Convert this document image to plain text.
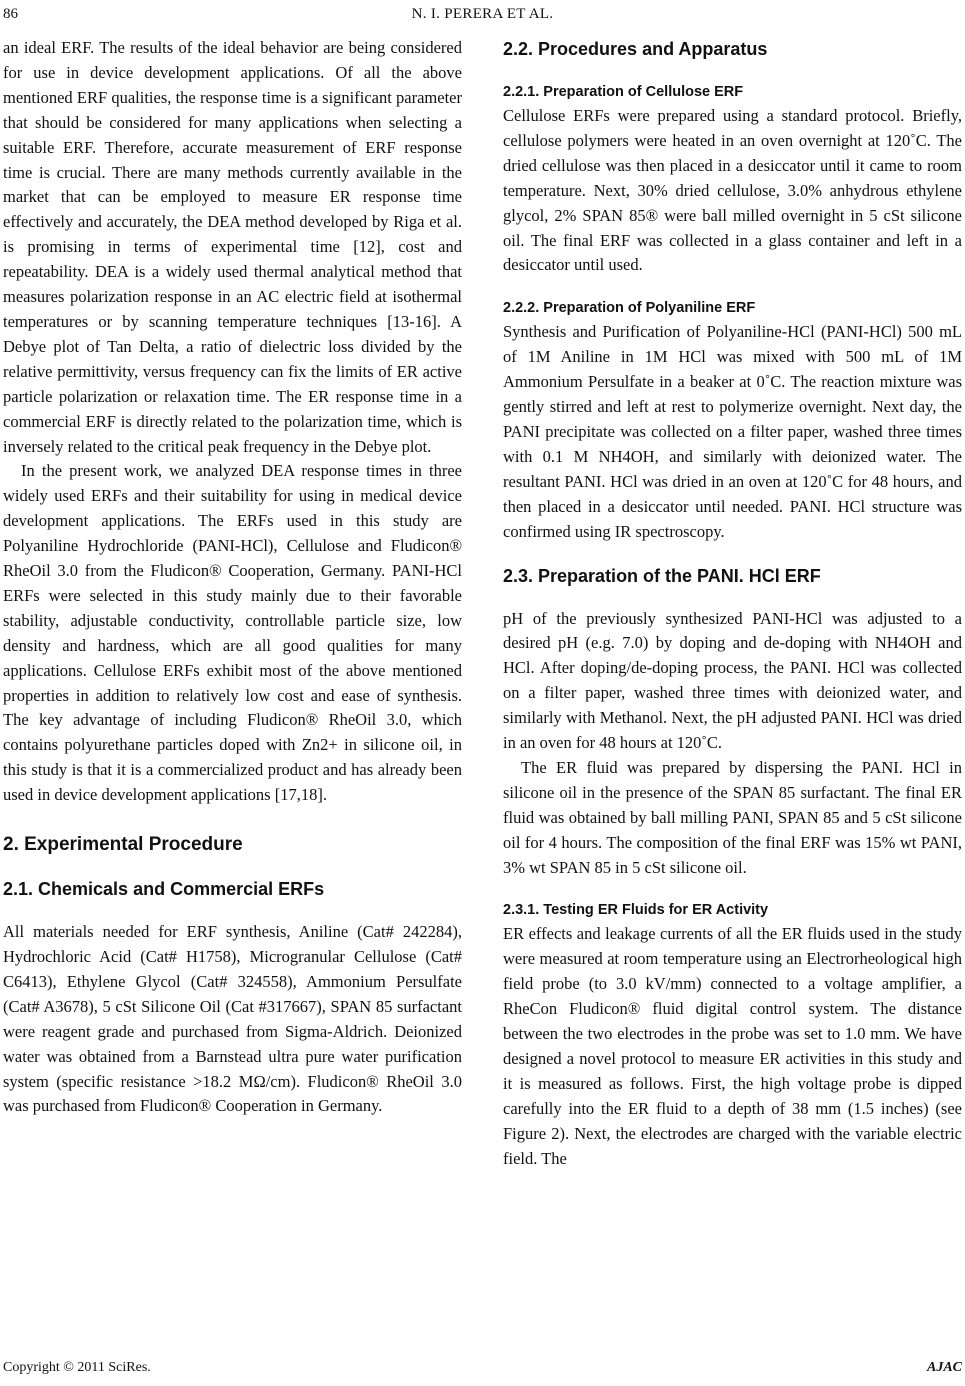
86	N. I. PERERA ET AL.

an ideal ERF. The results of the ideal behavior are being considered for use in device development applications. Of all the above mentioned ERF qualities, the response time is a significant parameter that should be considered for many applications when selecting a suitable ERF. Therefore, accurate measurement of ERF response time is crucial. There are many methods currently available in the market that can be employed to measure ER response time effectively and accurately, the DEA method developed by Riga et al. is promising in terms of experimental time [12], cost and repeatability. DEA is a widely used thermal analytical method that measures polarization response in an AC electric field at isothermal temperatures or by scanning temperature techniques [13-16]. A Debye plot of Tan Delta, a ratio of dielectric loss divided by the relative permittivity, versus frequency can fix the limits of ER active particle polarization or relaxation time. The ER response time in a commercial ERF is directly related to the polarization time, which is inversely related to the critical peak frequency in the Debye plot.

In the present work, we analyzed DEA response times in three widely used ERFs and their suitability for using in medical device development applications. The ERFs used in this study are Polyaniline Hydrochloride (PANI-HCl), Cellulose and Fludicon® RheOil 3.0 from the Fludicon® Cooperation, Germany. PANI-HCl ERFs were selected in this study mainly due to their favorable stability, adjustable conductivity, controllable particle size, low density and hardness, which are all good qualities for many applications. Cellulose ERFs exhibit most of the above mentioned properties in addition to relatively low cost and ease of synthesis. The key advantage of including Fludicon® RheOil 3.0, which contains polyurethane particles doped with Zn2+ in silicone oil, in this study is that it is a commercialized product and has already been used in device development applications [17,18].

2. Experimental Procedure
2.1. Chemicals and Commercial ERFs

All materials needed for ERF synthesis, Aniline (Cat# 242284), Hydrochloric Acid (Cat# H1758), Microgranular Cellulose (Cat# C6413), Ethylene Glycol (Cat# 324558), Ammonium Persulfate (Cat# A3678), 5 cSt Silicone Oil (Cat #317667), SPAN 85 surfactant were reagent grade and purchased from Sigma-Aldrich. Deionized water was obtained from a Barnstead ultra pure water purification system (specific resistance >18.2 MΩ/cm). Fludicon® RheOil 3.0 was purchased from Fludicon® Cooperation in Germany.

2.2. Procedures and Apparatus
2.2.1. Preparation of Cellulose ERF

Cellulose ERFs were prepared using a standard protocol. Briefly, cellulose polymers were heated in an oven overnight at 120˚C. The dried cellulose was then placed in a desiccator until it came to room temperature. Next, 30% dried cellulose, 3.0% anhydrous ethylene glycol, 2% SPAN 85® were ball milled overnight in 5 cSt silicone oil. The final ERF was collected in a glass container and left in a desiccator until used.

2.2.2. Preparation of Polyaniline ERF

Synthesis and Purification of Polyaniline-HCl (PANI-HCl) 500 mL of 1M Aniline in 1M HCl was mixed with 500 mL of 1M Ammonium Persulfate in a beaker at 0˚C. The reaction mixture was gently stirred and left at rest to polymerize overnight. Next day, the PANI precipitate was collected on a filter paper, washed three times with 0.1 M NH4OH, and similarly with deionized water. The resultant PANI. HCl was dried in an oven at 120˚C for 48 hours, and then placed in a desiccator until needed. PANI. HCl structure was confirmed using IR spectroscopy.

2.3. Preparation of the PANI. HCl ERF

pH of the previously synthesized PANI-HCl was adjusted to a desired pH (e.g. 7.0) by doping and de-doping with NH4OH and HCl. After doping/de-doping process, the PANI. HCl was collected on a filter paper, washed three times with deionized water, and similarly with Methanol. Next, the pH adjusted PANI. HCl was dried in an oven for 48 hours at 120˚C.

The ER fluid was prepared by dispersing the PANI. HCl in silicone oil in the presence of the SPAN 85 surfactant. The final ER fluid was obtained by ball milling PANI, SPAN 85 and 5 cSt silicone oil for 4 hours. The composition of the final ERF was 15% wt PANI, 3% wt SPAN 85 in 5 cSt silicone oil.

2.3.1. Testing ER Fluids for ER Activity

ER effects and leakage currents of all the ER fluids used in the study were measured at room temperature using an Electrorheological high field probe (to 3.0 kV/mm) connected to a voltage amplifier, a RheCon Fludicon® fluid digital control system. The distance between the two electrodes in the probe was set to 1.0 mm. We have designed a novel protocol to measure ER activities in this study and it is measured as follows. First, the high voltage probe is dipped carefully into the ER fluid to a depth of 38 mm (1.5 inches) (see Figure 2). Next, the electrodes are charged with the variable electric field. The

Copyright © 2011 SciRes.	AJAC
